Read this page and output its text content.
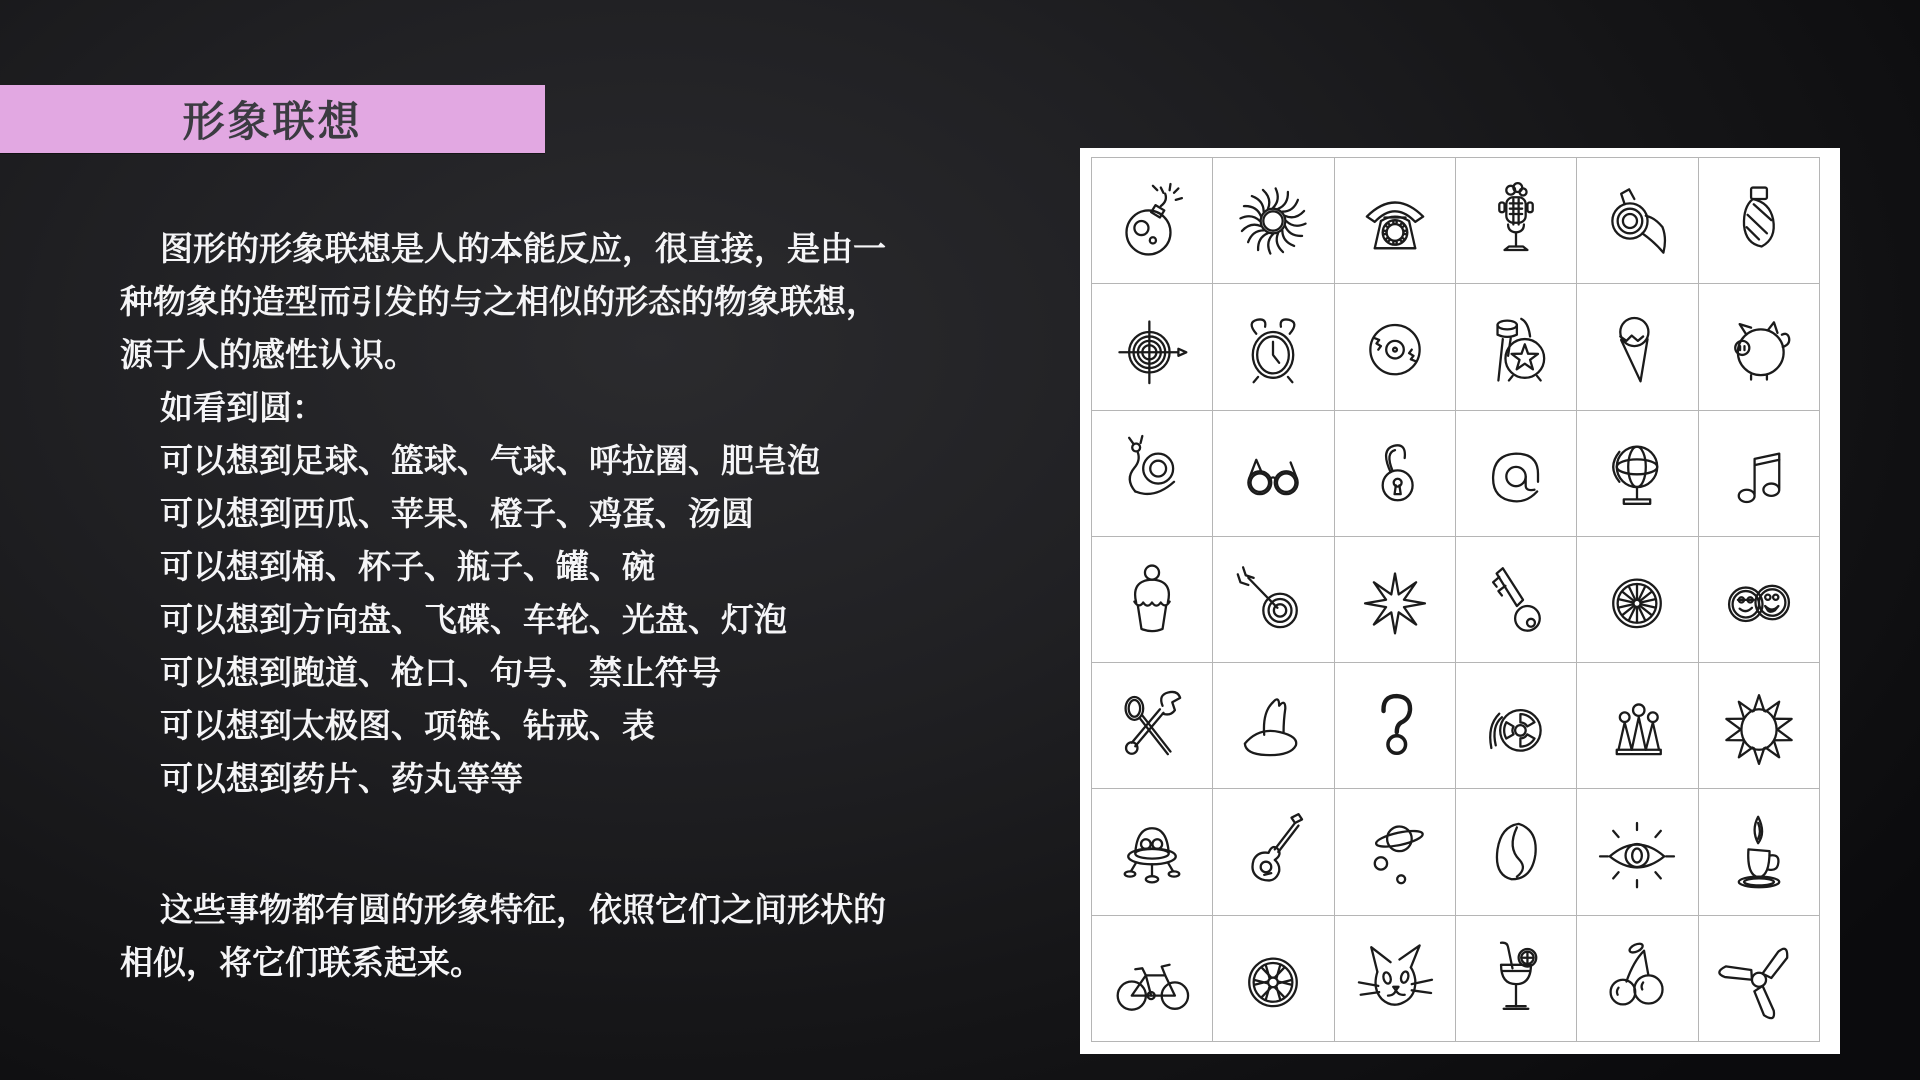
形象联想

图形的形象联想是人的本能反应，很直接，是由一种物象的造型而引发的与之相似的形态的物象联想，源于人的感性认识。

如看到圆：

可以想到足球、篮球、气球、呼拉圈、肥皂泡

可以想到西瓜、苹果、橙子、鸡蛋、汤圆

可以想到桶、杯子、瓶子、罐、碗

可以想到方向盘、飞碟、车轮、光盘、灯泡

可以想到跑道、枪口、句号、禁止符号

可以想到太极图、项链、钻戒、表

可以想到药片、药丸等等

这些事物都有圆的形象特征，依照它们之间形状的相似，将它们联系起来。
